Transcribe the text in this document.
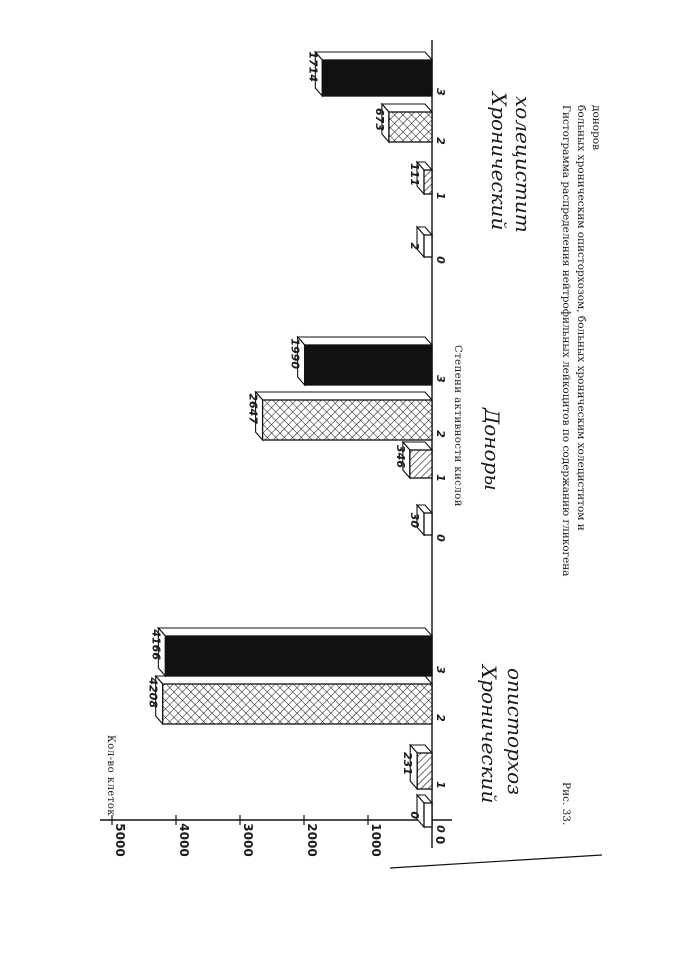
0
1000
2000
3000
4000
5000
Кол-во клеток
Степени активности кислой
Хронический описторхоз
Доноры
Хронический холецистит
Рис. 33.
Гистограмма распределения нейтрофильных лейкоцитов по содержанию гликогена больных хроническим описторхозом, больных хроническим холециститом и доноров
0
0
231
1
4208
2
4166
3
30
0
346
1
2647
2
1990
3
2
0
111
1
673
2
1714
3
